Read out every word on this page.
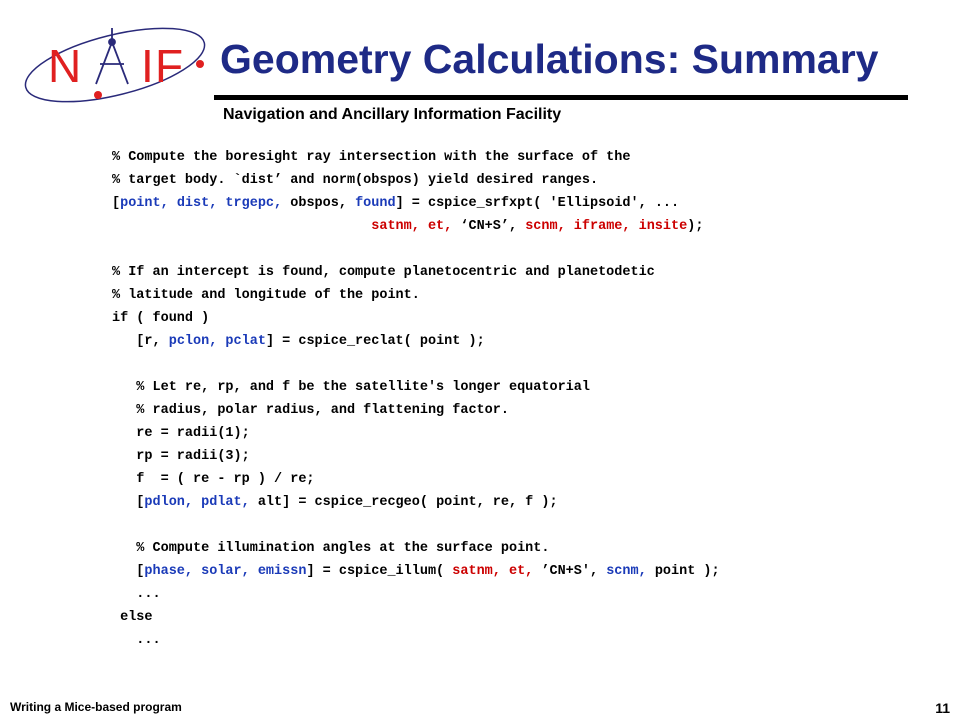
N I F Geometry Calculations: Summary
Navigation and Ancillary Information Facility
% Compute the boresight ray intersection with the surface of the
% target body. `dist’ and norm(obspos) yield desired ranges.
[point, dist, trgepc, obspos, found] = cspice_srfxpt( 'Ellipsoid', ...
satnm, et, ‘CN+S’, scnm, iframe, insite);
% If an intercept is found, compute planetocentric and planetodetic
% latitude and longitude of the point.
if ( found )
[r, pclon, pclat] = cspice_reclat( point );
% Let re, rp, and f be the satellite's longer equatorial
% radius, polar radius, and flattening factor.
re = radii(1);
rp = radii(3);
f  = ( re - rp ) / re;
[pdlon, pdlat, alt] = cspice_recgeo( point, re, f );
% Compute illumination angles at the surface point.
[phase, solar, emissn] = cspice_illum( satnm, et, ’CN+S', scnm, point );
...
else
...
Writing a Mice-based program	11
